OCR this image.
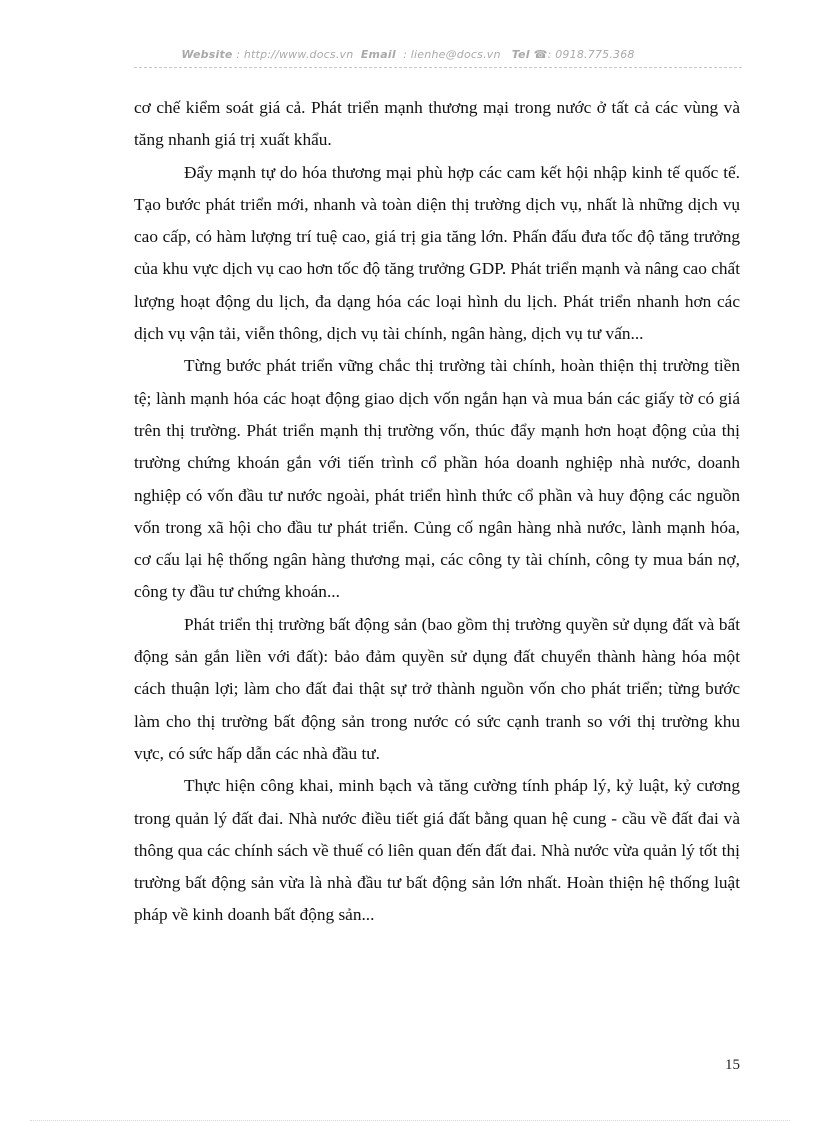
Website : http://www.docs.vn Email  : lienhe@docs.vn Tel ☎: 0918.775.368

cơ chế kiểm soát giá cả. Phát triển mạnh thương mại trong nước ở tất cả các vùng và tăng nhanh giá trị xuất khẩu.

Đẩy mạnh tự do hóa thương mại phù hợp các cam kết hội nhập kinh tế quốc tế. Tạo bước phát triển mới, nhanh và toàn diện thị trường dịch vụ, nhất là những dịch vụ cao cấp, có hàm lượng trí tuệ cao, giá trị gia tăng lớn. Phấn đấu đưa tốc độ tăng trưởng của khu vực dịch vụ cao hơn tốc độ tăng trưởng GDP. Phát triển mạnh và nâng cao chất lượng hoạt động du lịch, đa dạng hóa các loại hình du lịch. Phát triển nhanh hơn các dịch vụ vận tải, viễn thông, dịch vụ tài chính, ngân hàng, dịch vụ tư vấn...

Từng bước phát triển vững chắc thị trường tài chính, hoàn thiện thị trường tiền tệ; lành mạnh hóa các hoạt động giao dịch vốn ngắn hạn và mua bán các giấy tờ có giá trên thị trường. Phát triển mạnh thị trường vốn, thúc đẩy mạnh hơn hoạt động của thị trường chứng khoán gắn với tiến trình cổ phần hóa doanh nghiệp nhà nước, doanh nghiệp có vốn đầu tư nước ngoài, phát triển hình thức cổ phần và huy động các nguồn vốn trong xã hội cho đầu tư phát triển. Củng cố ngân hàng nhà nước, lành mạnh hóa, cơ cấu lại hệ thống ngân hàng thương mại, các công ty tài chính, công ty mua bán nợ, công ty đầu tư chứng khoán...

Phát triển thị trường bất động sản (bao gồm thị trường quyền sử dụng đất và bất động sản gắn liền với đất): bảo đảm quyền sử dụng đất chuyển thành hàng hóa một cách thuận lợi; làm cho đất đai thật sự trở thành nguồn vốn cho phát triển; từng bước làm cho thị trường bất động sản trong nước có sức cạnh tranh so với thị trường khu vực, có sức hấp dẫn các nhà đầu tư.

Thực hiện công khai, minh bạch và tăng cường tính pháp lý, kỷ luật, kỷ cương trong quản lý đất đai. Nhà nước điều tiết giá đất bằng quan hệ cung - cầu về đất đai và thông qua các chính sách về thuế có liên quan đến đất đai. Nhà nước vừa quản lý tốt thị trường bất động sản vừa là nhà đầu tư bất động sản lớn nhất. Hoàn thiện hệ thống luật pháp về kinh doanh bất động sản...

15
